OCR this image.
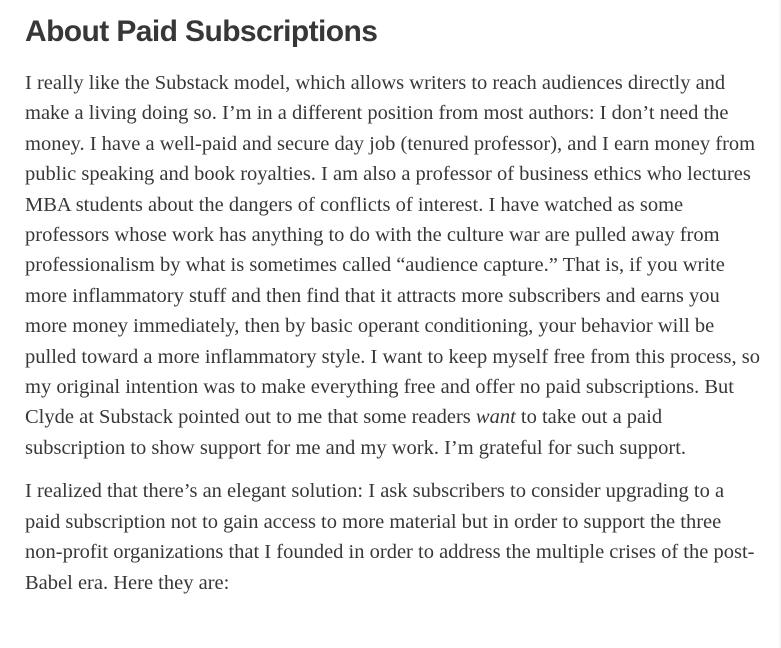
About Paid Subscriptions

I really like the Substack model, which allows writers to reach audiences directly and make a living doing so. I’m in a different position from most authors: I don’t need the money. I have a well-paid and secure day job (tenured professor), and I earn money from public speaking and book royalties. I am also a professor of business ethics who lectures MBA students about the dangers of conflicts of interest. I have watched as some professors whose work has anything to do with the culture war are pulled away from professionalism by what is sometimes called “audience capture.” That is, if you write more inflammatory stuff and then find that it attracts more subscribers and earns you more money immediately, then by basic operant conditioning, your behavior will be pulled toward a more inflammatory style. I want to keep myself free from this process, so my original intention was to make everything free and offer no paid subscriptions. But Clyde at Substack pointed out to me that some readers want to take out a paid subscription to show support for me and my work. I’m grateful for such support.

I realized that there’s an elegant solution: I ask subscribers to consider upgrading to a paid subscription not to gain access to more material but in order to support the three non-profit organizations that I founded in order to address the multiple crises of the post-Babel era. Here they are:
